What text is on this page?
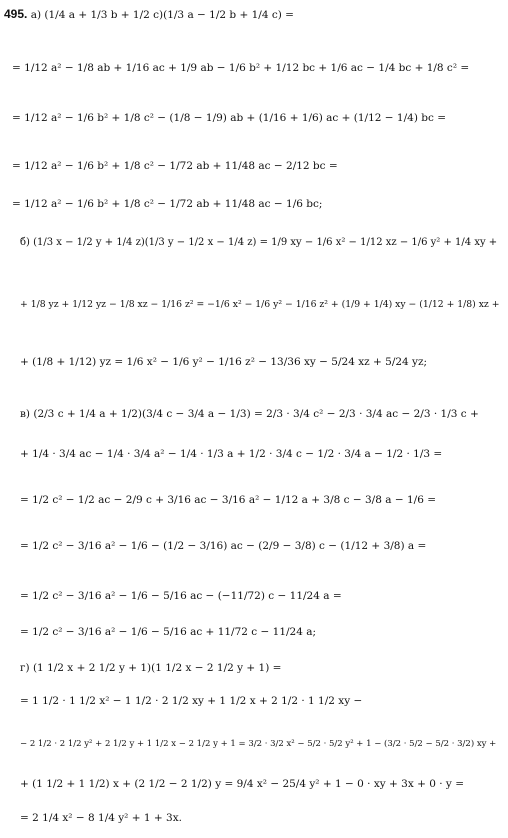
495. а) (1/4 a + 1/3 b + 1/2 c)(1/3 a − 1/2 b + 1/4 c) =
= 1/12 a² − 1/8 ab + 1/16 ac + 1/9 ab − 1/6 b² + 1/12 bc + 1/6 ac − 1/4 bc + 1/8 c² =
= 1/12 a² − 1/6 b² + 1/8 c² − (1/8 − 1/9) ab + (1/16 + 1/6) ac + (1/12 − 1/4) bc =
= 1/12 a² − 1/6 b² + 1/8 c² − 1/72 ab + 11/48 ac − 2/12 bc =
= 1/12 a² − 1/6 b² + 1/8 c² − 1/72 ab + 11/48 ac − 1/6 bc;
б) (1/3 x − 1/2 y + 1/4 z)(1/3 y − 1/2 x − 1/4 z) = 1/9 xy − 1/6 x² − 1/12 xz − 1/6 y² + 1/4 xy +
+ 1/8 yz + 1/12 yz − 1/8 xz − 1/16 z² = −1/6 x² − 1/6 y² − 1/16 z² + (1/9 + 1/4) xy − (1/12 + 1/8) xz +
+ (1/8 + 1/12) yz = 1/6 x² − 1/6 y² − 1/16 z² − 13/36 xy − 5/24 xz + 5/24 yz;
в) (2/3 c + 1/4 a + 1/2)(3/4 c − 3/4 a − 1/3) = 2/3 · 3/4 c² − 2/3 · 3/4 ac − 2/3 · 1/3 c +
+ 1/4 · 3/4 ac − 1/4 · 3/4 a² − 1/4 · 1/3 a + 1/2 · 3/4 c − 1/2 · 3/4 a − 1/2 · 1/3 =
= 1/2 c² − 1/2 ac − 2/9 c + 3/16 ac − 3/16 a² − 1/12 a + 3/8 c − 3/8 a − 1/6 =
= 1/2 c² − 3/16 a² − 1/6 − (1/2 − 3/16) ac − (2/9 − 3/8) c − (1/12 + 3/8) a =
= 1/2 c² − 3/16 a² − 1/6 − 5/16 ac − (−11/72) c − 11/24 a =
= 1/2 c² − 3/16 a² − 1/6 − 5/16 ac + 11/72 c − 11/24 a;
г) (1 1/2 x + 2 1/2 y + 1)(1 1/2 x − 2 1/2 y + 1) =
= 1 1/2 · 1 1/2 x² − 1 1/2 · 2 1/2 xy + 1 1/2 x + 2 1/2 · 1 1/2 xy −
− 2 1/2 · 2 1/2 y² + 2 1/2 y + 1 1/2 x − 2 1/2 y + 1 = 3/2 · 3/2 x² − 5/2 · 5/2 y² + 1 − (3/2 · 5/2 − 5/2 · 3/2) xy +
+ (1 1/2 + 1 1/2) x + (2 1/2 − 2 1/2) y = 9/4 x² − 25/4 y² + 1 − 0 · xy + 3x + 0 · y =
= 2 1/4 x² − 8 1/4 y² + 1 + 3x.
